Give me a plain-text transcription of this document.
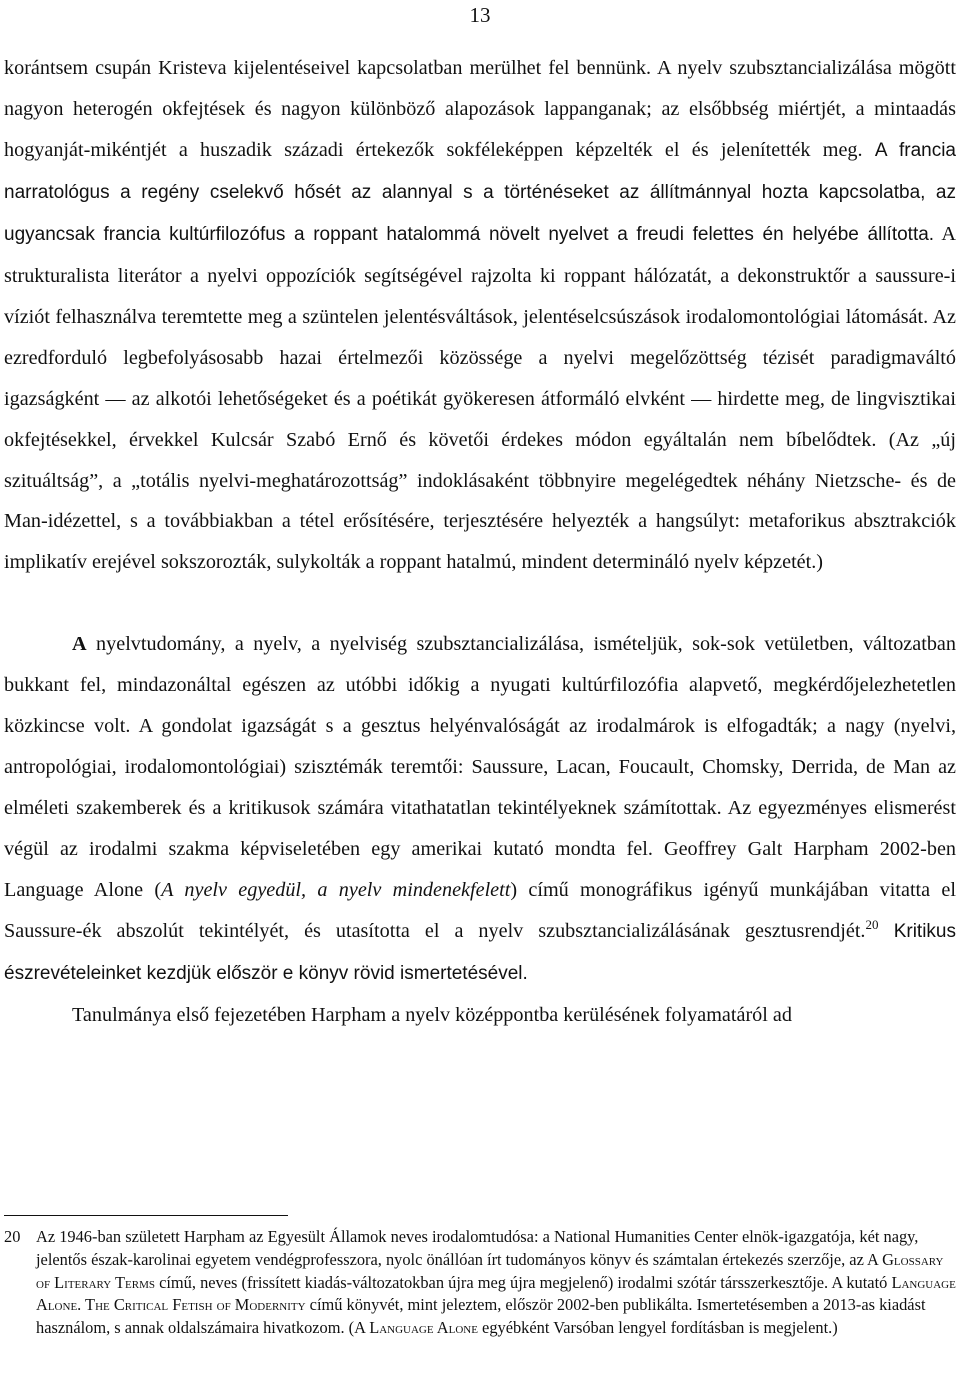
13

korántsem csupán Kristeva kijelentéseivel kapcsolatban merülhet fel bennünk. A nyelv szubsztancializálása mögött nagyon heterogén okfejtések és nagyon különböző alapozások lappanganak; az elsőbbség miértjét, a mintaadás hogyanját-mikéntjét a huszadik századi értekezők sokféleképpen képzelték el és jelenítették meg. A francia narratológus a regény cselekvő hősét az alannyal s a történéseket az állítmánnyal hozta kapcsolatba, az ugyancsak francia kultúrfilozófus a roppant hatalommá növelt nyelvet a freudi felettes én helyébe állította. A strukturalista literátor a nyelvi oppozíciók segítségével rajzolta ki roppant hálózatát, a dekonstruktőr a saussure-i víziót felhasználva teremtette meg a szüntelen jelentésváltások, jelentéselcsúszások irodalomontológiai látomását. Az ezredforduló legbefolyásosabb hazai értelmezői közössége a nyelvi megelőzöttség tézisét paradigmaváltó igazságként — az alkotói lehetőségeket és a poétikát gyökeresen átformáló elvként — hirdette meg, de lingvisztikai okfejtésekkel, érvekkel Kulcsár Szabó Ernő és követői érdekes módon egyáltalán nem bíbelődtek. (Az „új szituáltság”, a „totális nyelvi-meghatározottság” indoklásaként többnyire megelégedtek néhány Nietzsche- és de Man-idézettel, s a továbbiakban a tétel erősítésére, terjesztésére helyezték a hangsúlyt: metaforikus absztrakciók implikatív erejével sokszorozták, sulykolták a roppant hatalmú, mindent determináló nyelv képzetét.)

A nyelvtudomány, a nyelv, a nyelviség szubsztancializálása, ismételjük, sok-sok vetületben, változatban bukkant fel, mindazonáltal egészen az utóbbi időkig a nyugati kultúrfilozófia alapvető, megkérdőjelezhetetlen közkincse volt. A gondolat igazságát s a gesztus helyénvalóságát az irodalmárok is elfogadták; a nagy (nyelvi, antropológiai, irodalomontológiai) szisztémák teremtői: Saussure, Lacan, Foucault, Chomsky, Derrida, de Man az elméleti szakemberek és a kritikusok számára vitathatatlan tekintélyeknek számítottak. Az egyezményes elismerést végül az irodalmi szakma képviseletében egy amerikai kutató mondta fel. Geoffrey Galt Harpham 2002-ben Language Alone (A nyelv egyedül, a nyelv mindenekfelett) című monográfikus igényű munkájában vitatta el Saussure-ék abszolút tekintélyét, és utasította el a nyelv szubsztancializálásának gesztusrendjét.$^{20}$ Kritikus észrevételeinket kezdjük először e könyv rövid ismertetésével.

Tanulmánya első fejezetében Harpham a nyelv középpontba kerülésének folyamatáról ad

20 Az 1946-ban született Harpham az Egyesült Államok neves irodalomtudósa: a National Humanities Center elnök-igazgatója, két nagy, jelentős észak-karolinai egyetem vendégprofesszora, nyolc önállóan írt tudományos könyv és számtalan értekezés szerzője, az A Glossary of Literary Terms című, neves (frissített kiadás-változatokban újra meg újra megjelenő) irodalmi szótár társszerkesztője. A kutató Language Alone. The Critical Fetish of Modernity című könyvét, mint jeleztem, először 2002-ben publikálta. Ismertetésemben a 2013-as kiadást használom, s annak oldalszámaira hivatkozom. (A Language Alone egyébként Varsóban lengyel fordításban is megjelent.)
